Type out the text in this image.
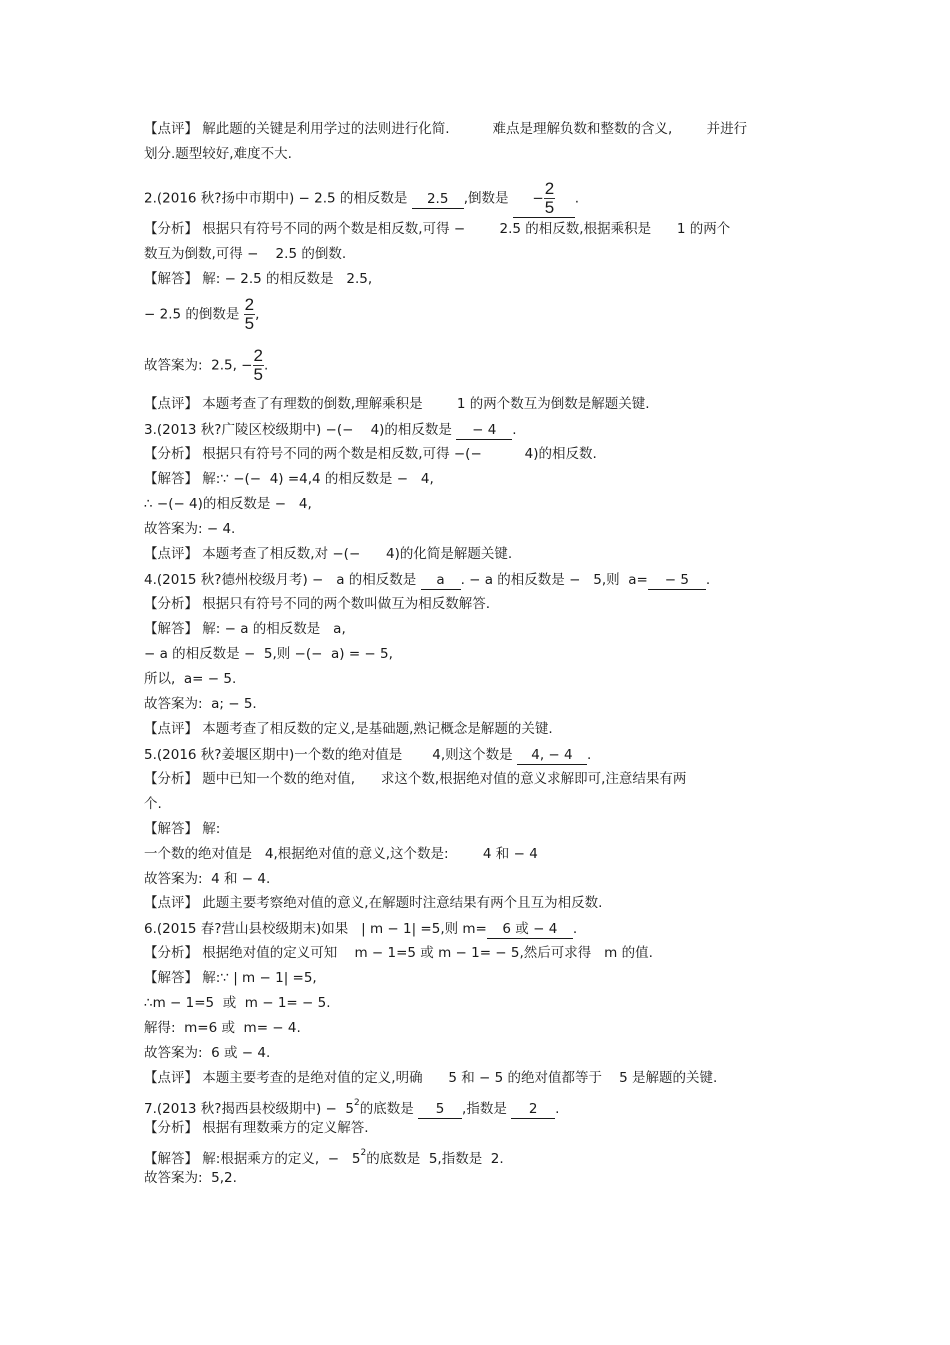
【点评】 解此题的关键是利用学过的法则进行化简.          难点是理解负数和整数的含义,        并进行
划分.题型较好,难度不大.
2.(2016 秋?扬中市期中) − 2.5 的相反数是 2.5 ,倒数是 − $\frac{2}{5}$ .
【分析】 根据只有符号不同的两个数是相反数,可得 −        2.5 的相反数,根据乘积是      1 的两个
数互为倒数,可得 −    2.5 的倒数.
【解答】 解: − 2.5 的相反数是   2.5,
− 2.5 的倒数是 $\frac{2}{5}$ ,
故答案为:  2.5, − $\frac{2}{5}$ .
【点评】 本题考查了有理数的倒数,理解乘积是        1 的两个数互为倒数是解题关键.
3.(2013 秋?广陵区校级期中) −(−    4)的相反数是 − 4 .
【分析】 根据只有符号不同的两个数是相反数,可得 −(−          4)的相反数.
【解答】 解:∵ −(−  4) =4,4 的相反数是 −   4,
∴ −(− 4)的相反数是 −   4,
故答案为: − 4.
【点评】 本题考查了相反数,对 −(−      4)的化简是解题关键.
4.(2015 秋?德州校级月考) −   a 的相反数是 a . − a 的相反数是 −   5,则  a= − 5 .
【分析】 根据只有符号不同的两个数叫做互为相反数解答.
【解答】 解: − a 的相反数是   a,
− a 的相反数是 −  5,则 −(−  a) = − 5,
所以,  a= − 5.
故答案为:  a; − 5.
【点评】 本题考查了相反数的定义,是基础题,熟记概念是解题的关键.
5.(2016 秋?姜堰区期中)一个数的绝对值是       4,则这个数是 4, − 4 .
【分析】 题中已知一个数的绝对值,      求这个数,根据绝对值的意义求解即可,注意结果有两
个.
【解答】 解:
一个数的绝对值是   4,根据绝对值的意义,这个数是:        4 和 − 4
故答案为:  4 和 − 4.
【点评】 此题主要考察绝对值的意义,在解题时注意结果有两个且互为相反数.
6.(2015 春?营山县校级期末)如果   | m − 1| =5,则 m= 6 或 − 4 .
【分析】 根据绝对值的定义可知    m − 1=5 或 m − 1= − 5,然后可求得   m 的值.
【解答】 解:∵ | m − 1| =5,
∴m − 1=5  或  m − 1= − 5.
解得:  m=6 或  m= − 4.
故答案为:  6 或 − 4.
【点评】 本题主要考查的是绝对值的定义,明确      5 和 − 5 的绝对值都等于    5 是解题的关键.
7.(2013 秋?揭西县校级期中) −  $5^2$的底数是 5 ,指数是 2 .
【分析】 根据有理数乘方的定义解答.
【解答】 解:根据乘方的定义,  −   $5^2$的底数是  5,指数是  2.
故答案为:  5,2.
